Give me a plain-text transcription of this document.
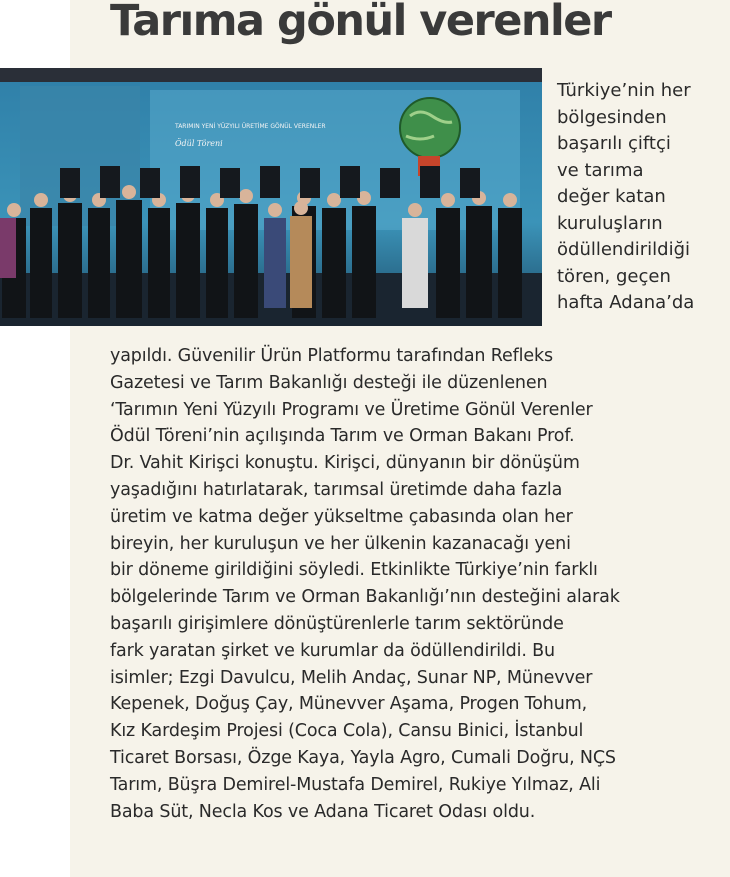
Tarıma gönül verenler
TARIMIN YENİ YÜZYILI ÜRETİME GÖNÜL VERENLER
Ödül Töreni

Türkiye’nin her
bölgesinden
başarılı çiftçi
ve tarıma
değer katan
kuruluşların
ödüllendirildiği
tören, geçen
hafta Adana’da

yapıldı. Güvenilir Ürün Platformu tarafından Refleks
Gazetesi ve Tarım Bakanlığı desteği ile düzenlenen
‘Tarımın Yeni Yüzyılı Programı ve Üretime Gönül Verenler
Ödül Töreni’nin açılışında Tarım ve Orman Bakanı Prof.
Dr. Vahit Kirişci konuştu. Kirişci, dünyanın bir dönüşüm
yaşadığını hatırlatarak, tarımsal üretimde daha fazla
üretim ve katma değer yükseltme çabasında olan her
bireyin, her kuruluşun ve her ülkenin kazanacağı yeni
bir döneme girildiğini söyledi. Etkinlikte Türkiye’nin farklı
bölgelerinde Tarım ve Orman Bakanlığı’nın desteğini alarak
başarılı girişimlere dönüştürenlerle tarım sektöründe
fark yaratan şirket ve kurumlar da ödüllendirildi. Bu
isimler; Ezgi Davulcu, Melih Andaç, Sunar NP, Münevver
Kepenek, Doğuş Çay, Münevver Aşama, Progen Tohum,
Kız Kardeşim Projesi (Coca Cola), Cansu Binici, İstanbul
Ticaret Borsası, Özge Kaya, Yayla Agro, Cumali Doğru, NÇS
Tarım, Büşra Demirel-Mustafa Demirel, Rukiye Yılmaz, Ali
Baba Süt, Necla Kos ve Adana Ticaret Odası oldu.
